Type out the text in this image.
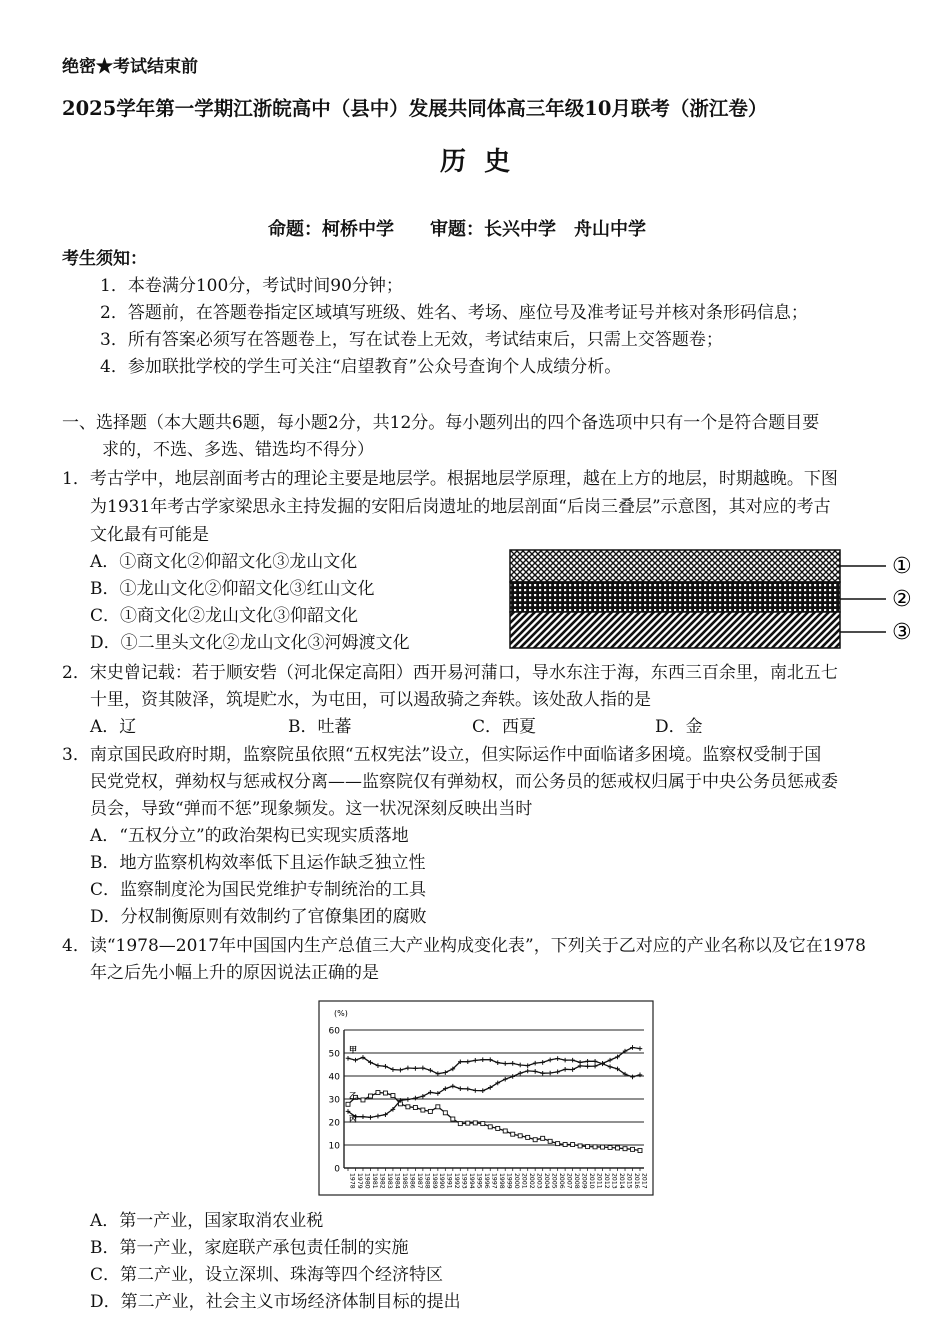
绝密★考试结束前
2025学年第一学期江浙皖高中（县中）发展共同体高三年级10月联考（浙江卷）
历  史
命题：柯桥中学　　审题：长兴中学　舟山中学
考生须知：
1．本卷满分100分，考试时间90分钟；
2．答题前，在答题卷指定区域填写班级、姓名、考场、座位号及准考证号并核对条形码信息；
3．所有答案必须写在答题卷上，写在试卷上无效，考试结束后，只需上交答题卷；
4．参加联批学校的学生可关注“启望教育”公众号查询个人成绩分析。
一、选择题（本大题共6题，每小题2分，共12分。每小题列出的四个备选项中只有一个是符合题目要
求的，不选、多选、错选均不得分）
1．考古学中，地层剖面考古的理论主要是地层学。根据地层学原理，越在上方的地层，时期越晚。下图
为1931年考古学家梁思永主持发掘的安阳后岗遗址的地层剖面“后岗三叠层”示意图，其对应的考古
文化最有可能是
A．①商文化②仰韶文化③龙山文化
B．①龙山文化②仰韶文化③红山文化
C．①商文化②龙山文化③仰韶文化
D．①二里头文化②龙山文化③河姆渡文化
①
②
③
2．宋史曾记载：若于顺安砦（河北保定高阳）西开易河蒲口，导水东注于海，东西三百余里，南北五七
十里，资其陂泽，筑堤贮水，为屯田，可以遏敌骑之奔轶。该处敌人指的是
A．辽	B．吐蕃	C．西夏	D．金
3．南京国民政府时期，监察院虽依照“五权宪法”设立，但实际运作中面临诸多困境。监察权受制于国
民党党权，弹劾权与惩戒权分离——监察院仅有弹劾权，而公务员的惩戒权归属于中央公务员惩戒委
员会，导致“弹而不惩”现象频发。这一状况深刻反映出当时
A．“五权分立”的政治架构已实现实质落地
B．地方监察机构效率低下且运作缺乏独立性
C．监察制度沦为国民党维护专制统治的工具
D．分权制衡原则有效制约了官僚集团的腐败
4．读“1978—2017年中国国内生产总值三大产业构成变化表”，下列关于乙对应的产业名称以及它在1978
年之后先小幅上升的原因说法正确的是
0
10
20
30
40
50
60
(%)
1978 1979 1980 1981 1982 1983 1984 1985 1986 1987 1988 1989 1990 1991 1992 1993 1994 1995 1996 1997 1998 1999 2000 2001 2002 2003 2004 2005 2006 2007 2008 2009 2010 2011 2012 2013 2014 2015 2016 2017
甲
乙
丙
A．第一产业，国家取消农业税
B．第一产业，家庭联产承包责任制的实施
C．第二产业，设立深圳、珠海等四个经济特区
D．第二产业，社会主义市场经济体制目标的提出
